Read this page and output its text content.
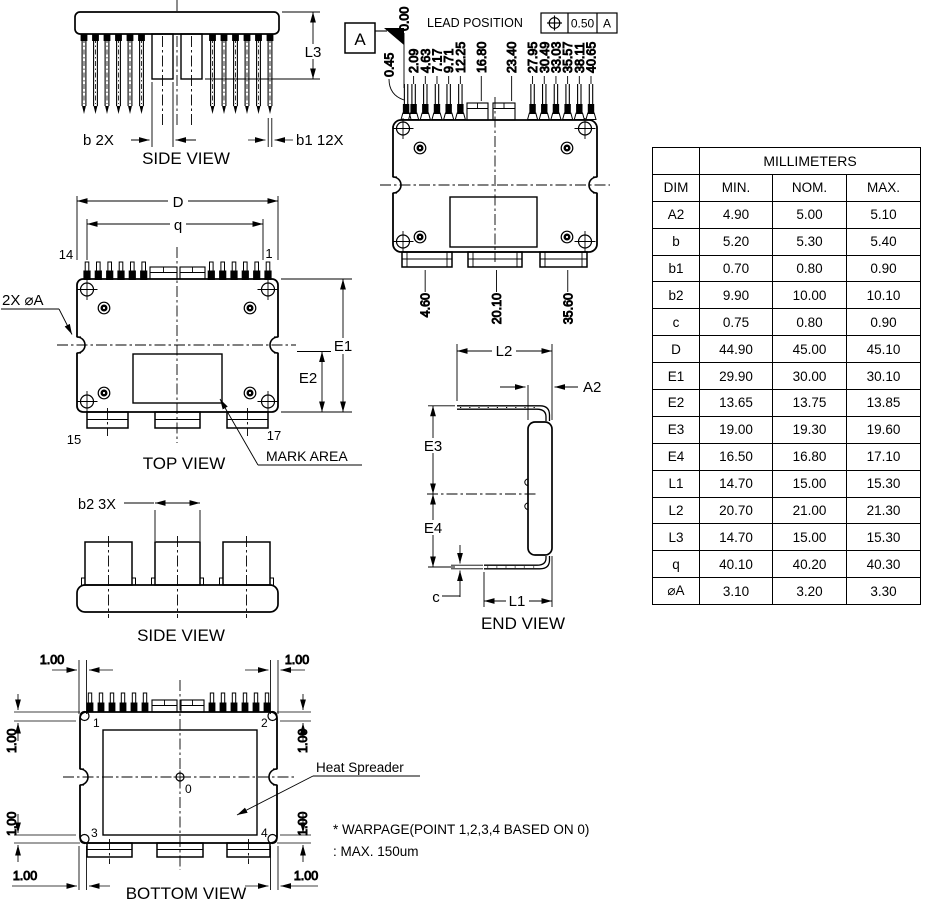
L3
b 2X	b1 12X
SIDE VIEW
A
LEAD POSITION	0.50 A
0.00
0.45 2.09
4.63
7.17
9.71
12.25 16.80 23.40 27.95
30.49
33.03
35.57
38.11
40.65
4.60	20.10	35.60
D
q
14	1
E1
E2
2X ⌀A
MARK AREA
15	17
TOP VIEW
L2
A2
E3
E4
c	L1
END VIEW
b2 3X
SIDE VIEW
1	2
3	4
0
1.00	1.00
1.00	1.00
1.00	1.00
1.00	1.00
Heat Spreader
BOTTOM VIEW
* WARPAGE(POINT 1,2,3,4 BASED ON 0)
: MAX. 150um
	MILLIMETERS		
DIM	MIN.	NOM.	MAX.
A2	4.90	5.00	5.10
b	5.20	5.30	5.40
b1	0.70	0.80	0.90
b2	9.90	10.00	10.10
c	0.75	0.80	0.90
D	44.90	45.00	45.10
E1	29.90	30.00	30.10
E2	13.65	13.75	13.85
E3	19.00	19.30	19.60
E4	16.50	16.80	17.10
L1	14.70	15.00	15.30
L2	20.70	21.00	21.30
L3	14.70	15.00	15.30
q	40.10	40.20	40.30
⌀A	3.10	3.20	3.30
